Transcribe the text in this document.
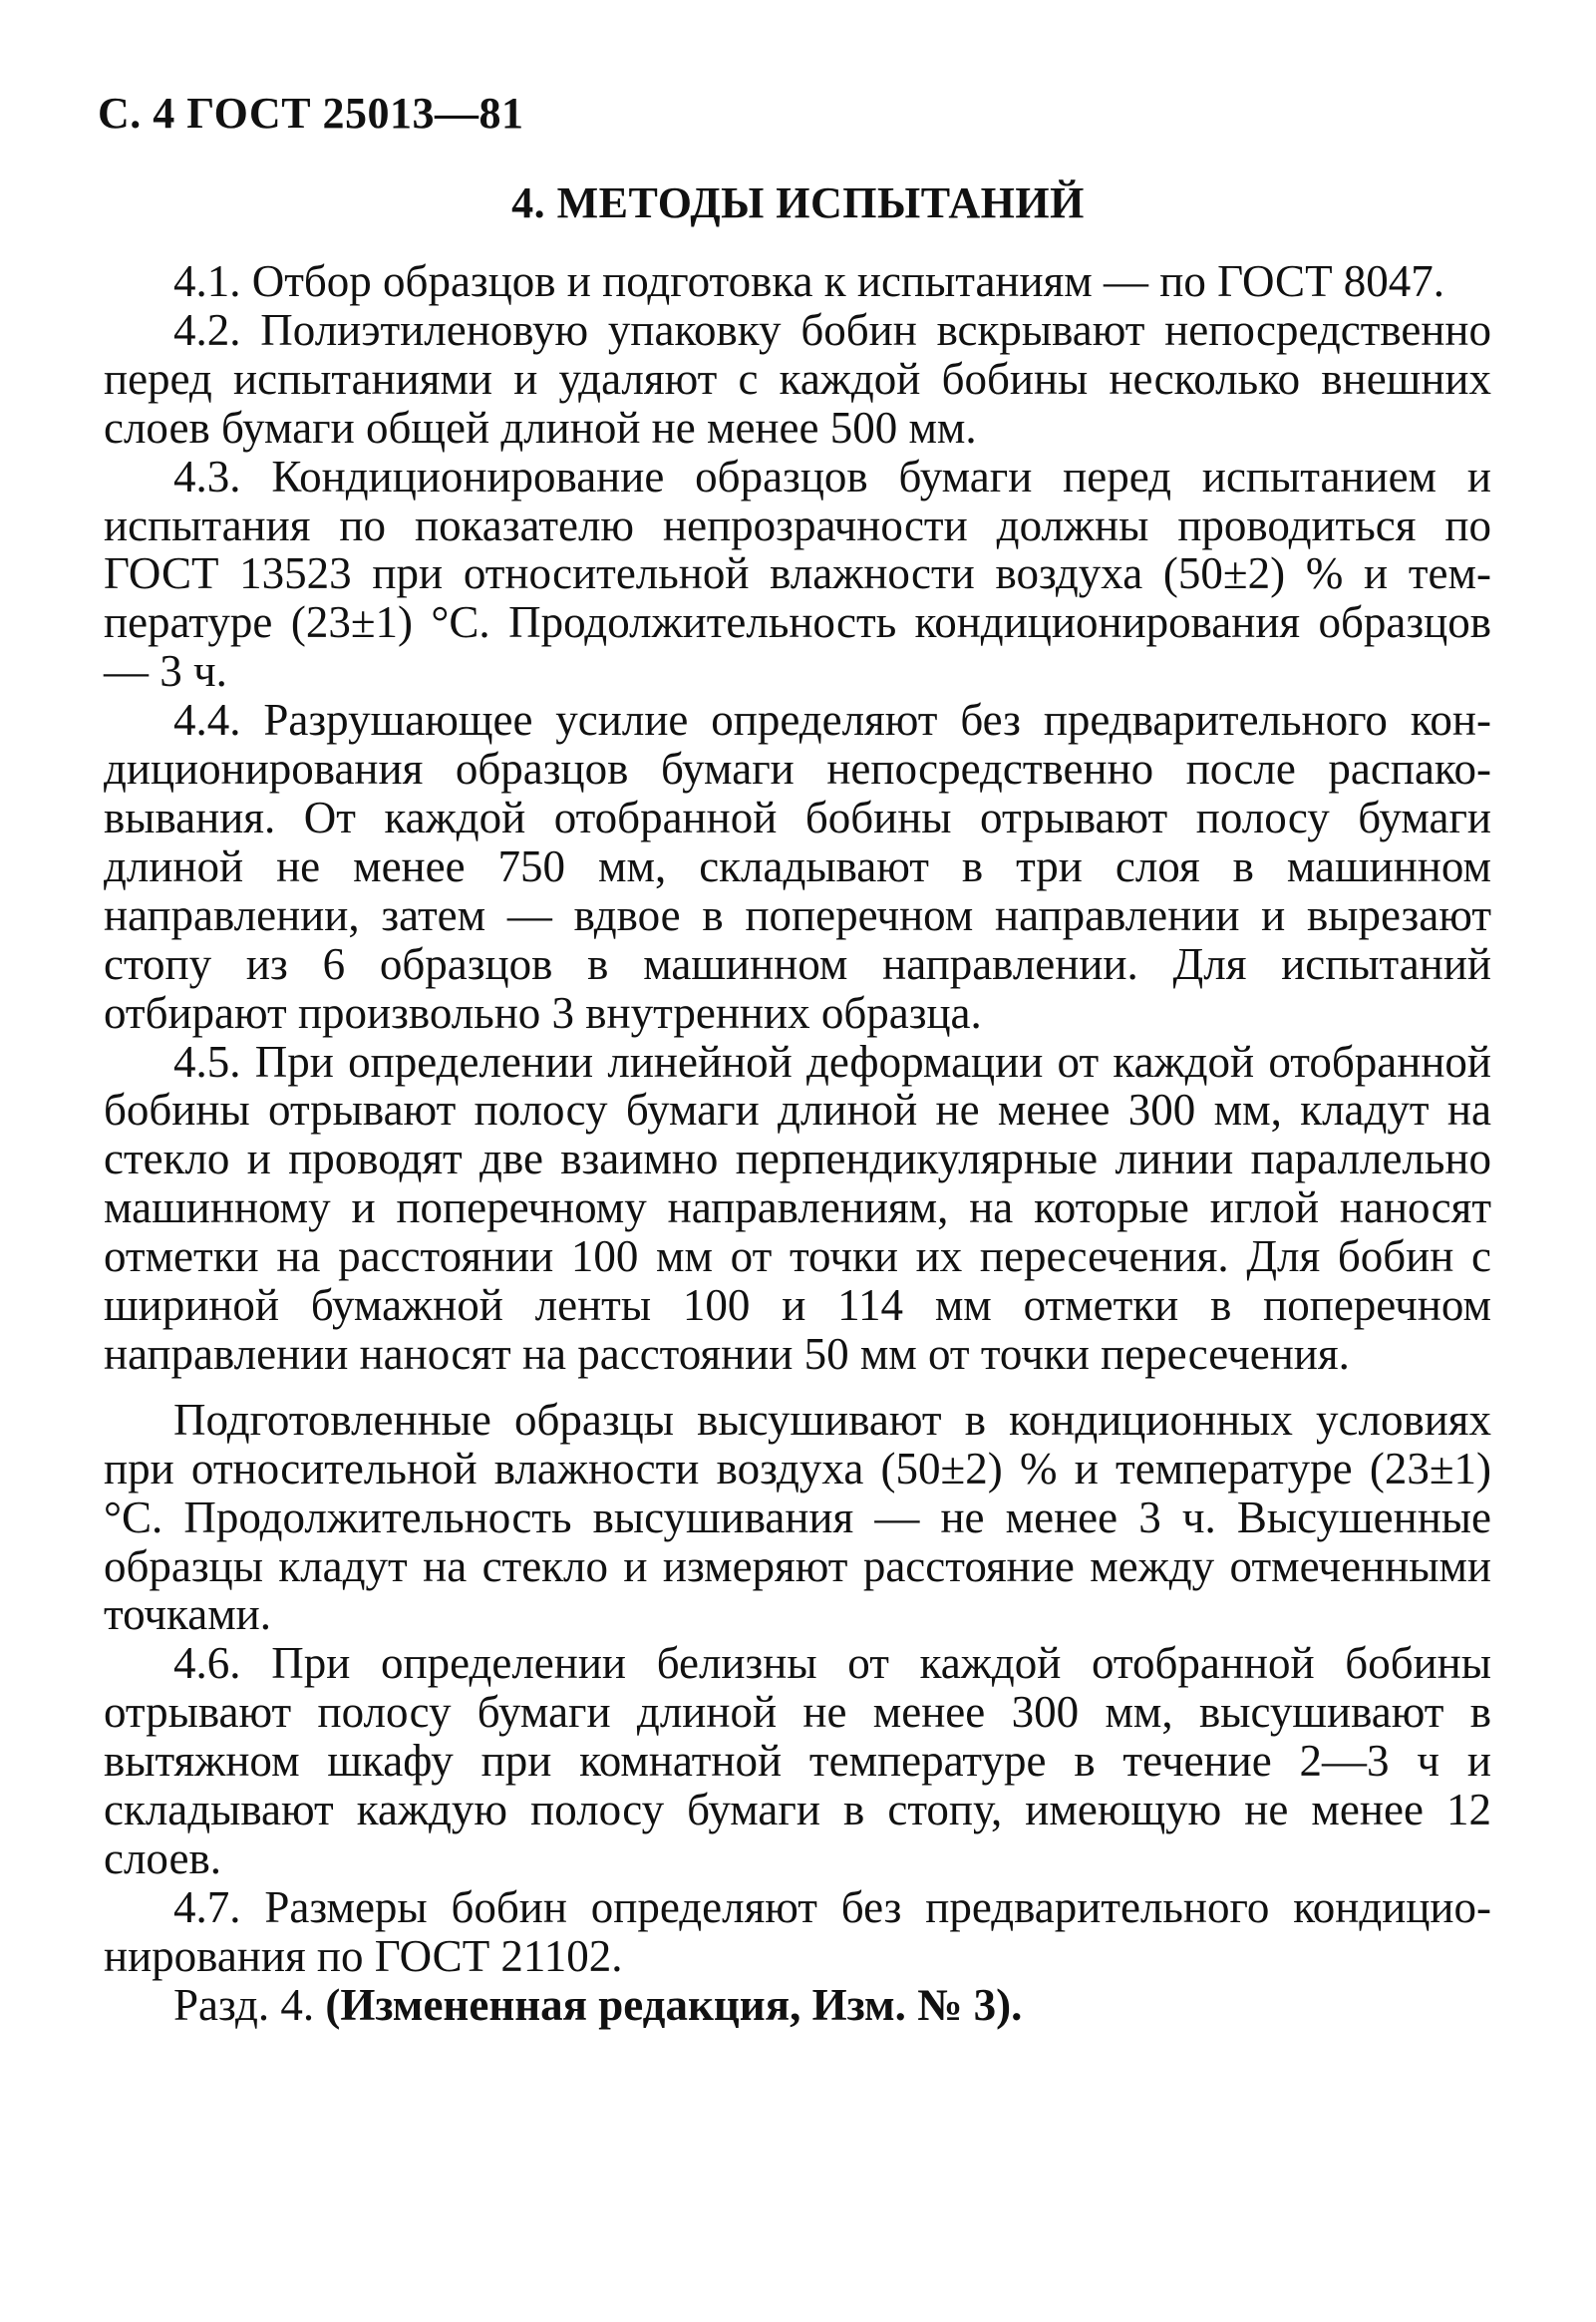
С. 4 ГОСТ 25013—81
4. МЕТОДЫ ИСПЫТАНИЙ

4.1. Отбор образцов и подготовка к испытаниям — по ГОСТ 8047.

4.2. Полиэтиленовую упаковку бобин вскрывают непосредственно перед испытаниями и удаляют с каждой бобины несколько внешних слоев бумаги общей длиной не менее 500 мм.

4.3. Кондиционирование образцов бумаги перед испытанием и испытания по показателю непрозрачности должны проводиться по ГОСТ 13523 при относительной влажности воздуха (50±2) % и температуре (23±1) °С. Продолжительность кондиционирования образцов — 3 ч.

4.4. Разрушающее усилие определяют без предварительного кондиционирования образцов бумаги непосредственно после распаковывания. От каждой отобранной бобины отрывают полосу бумаги длиной не менее 750 мм, складывают в три слоя в машинном направлении, затем — вдвое в поперечном направлении и вырезают стопу из 6 образцов в машинном направлении. Для испытаний отбирают произвольно 3 внутренних образца.

4.5. При определении линейной деформации от каждой отобранной бобины отрывают полосу бумаги длиной не менее 300 мм, кладут на стекло и проводят две взаимно перпендикулярные линии параллельно машинному и поперечному направлениям, на которые иглой наносят отметки на расстоянии 100 мм от точки их пересечения. Для бобин с шириной бумажной ленты 100 и 114 мм отметки в поперечном направлении наносят на расстоянии 50 мм от точки пересечения.

Подготовленные образцы высушивают в кондиционных условиях при относительной влажности воздуха (50±2) % и температуре (23±1) °С. Продолжительность высушивания — не менее 3 ч. Высушенные образцы кладут на стекло и измеряют расстояние между отмеченными точками.

4.6. При определении белизны от каждой отобранной бобины отрывают полосу бумаги длиной не менее 300 мм, высушивают в вытяжном шкафу при комнатной температуре в течение 2—3 ч и складывают каждую полосу бумаги в стопу, имеющую не менее 12 слоев.

4.7. Размеры бобин определяют без предварительного кондиционирования по ГОСТ 21102.

Разд. 4. (Измененная редакция, Изм. № 3).
